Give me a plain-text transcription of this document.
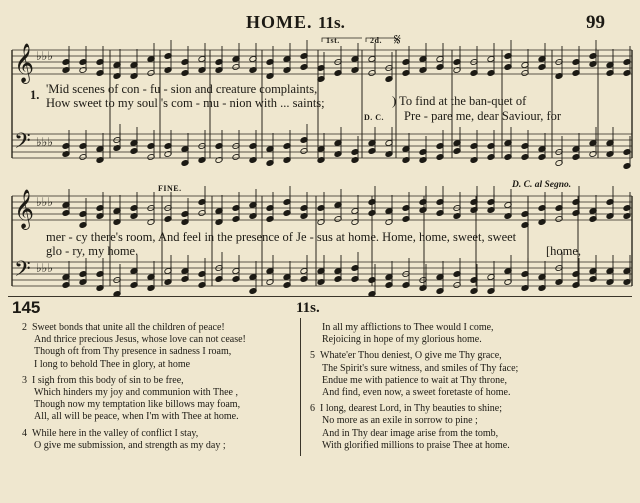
HOME. 11s.	99
𝄞
𝄢
𝄞
𝄢
♭♭♭
♭♭♭
♭♭♭
♭♭♭
1st.	2d. 𝄋
1. 'Mid scenes of con - fu - sion and creature complaints,
How sweet to my soul 's com - mu - nion with ... saints;	) To find at the ban-quet of
D. C. Pre - pare me, dear Saviour, for
FINE.	D. C. al Segno.
mer - cy there's room, And feel in the presence of Je - sus at home. Home, home, sweet, sweet
glo - ry, my home.	[home,
145	11s.
2 Sweet bonds that unite all the children of peace!
And thrice precious Jesus, whose love can not cease!
Though oft from Thy presence in sadness I roam,
I long to behold Thee in glory, at home
3 I sigh from this body of sin to be free,
Which hinders my joy and communion with Thee ,
Though now my temptation like billows may foam,
All, all will be peace, when I'm with Thee at home.
4 While here in the valley of conflict I stay,
O give me submission, and strength as my day ;
In all my afflictions to Thee would I come,
Rejoicing in hope of my glorious home.
5 Whate'er Thou deniest, O give me Thy grace,
The Spirit's sure witness, and smiles of Thy face;
Endue me with patience to wait at Thy throne,
And find, even now, a sweet foretaste of home.
6 I long, dearest Lord, in Thy beauties to shine;
No more as an exile in sorrow to pine ;
And in Thy dear image arise from the tomb,
With glorified millions to praise Thee at home.
